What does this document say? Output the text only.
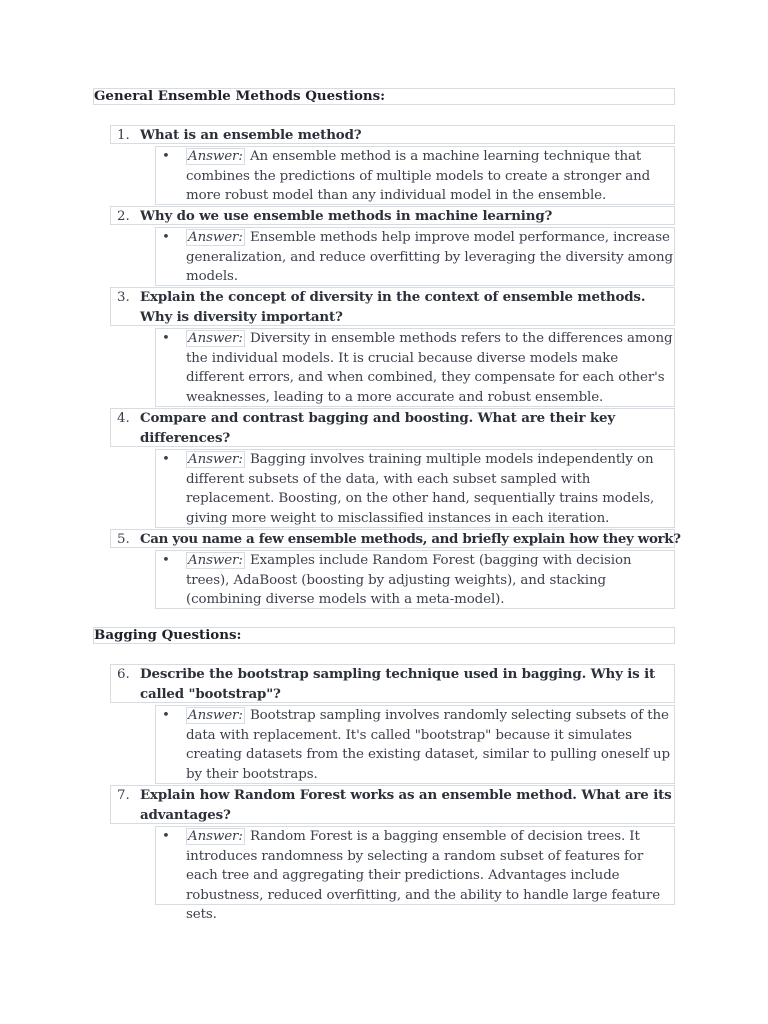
General Ensemble Methods Questions:
1. What is an ensemble method?
• Answer: An ensemble method is a machine learning technique that combines the predictions of multiple models to create a stronger and more robust model than any individual model in the ensemble.
2. Why do we use ensemble methods in machine learning?
• Answer: Ensemble methods help improve model performance, increase generalization, and reduce overfitting by leveraging the diversity among models.
3. Explain the concept of diversity in the context of ensemble methods. Why is diversity important?
• Answer: Diversity in ensemble methods refers to the differences among the individual models. It is crucial because diverse models make different errors, and when combined, they compensate for each other's weaknesses, leading to a more accurate and robust ensemble.
4. Compare and contrast bagging and boosting. What are their key differences?
• Answer: Bagging involves training multiple models independently on different subsets of the data, with each subset sampled with replacement. Boosting, on the other hand, sequentially trains models, giving more weight to misclassified instances in each iteration.
5. Can you name a few ensemble methods, and briefly explain how they work?
• Answer: Examples include Random Forest (bagging with decision trees), AdaBoost (boosting by adjusting weights), and stacking (combining diverse models with a meta-model).
Bagging Questions:
6. Describe the bootstrap sampling technique used in bagging. Why is it called "bootstrap"?
• Answer: Bootstrap sampling involves randomly selecting subsets of the data with replacement. It's called "bootstrap" because it simulates creating datasets from the existing dataset, similar to pulling oneself up by their bootstraps.
7. Explain how Random Forest works as an ensemble method. What are its advantages?
• Answer: Random Forest is a bagging ensemble of decision trees. It introduces randomness by selecting a random subset of features for each tree and aggregating their predictions. Advantages include robustness, reduced overfitting, and the ability to handle large feature sets.
